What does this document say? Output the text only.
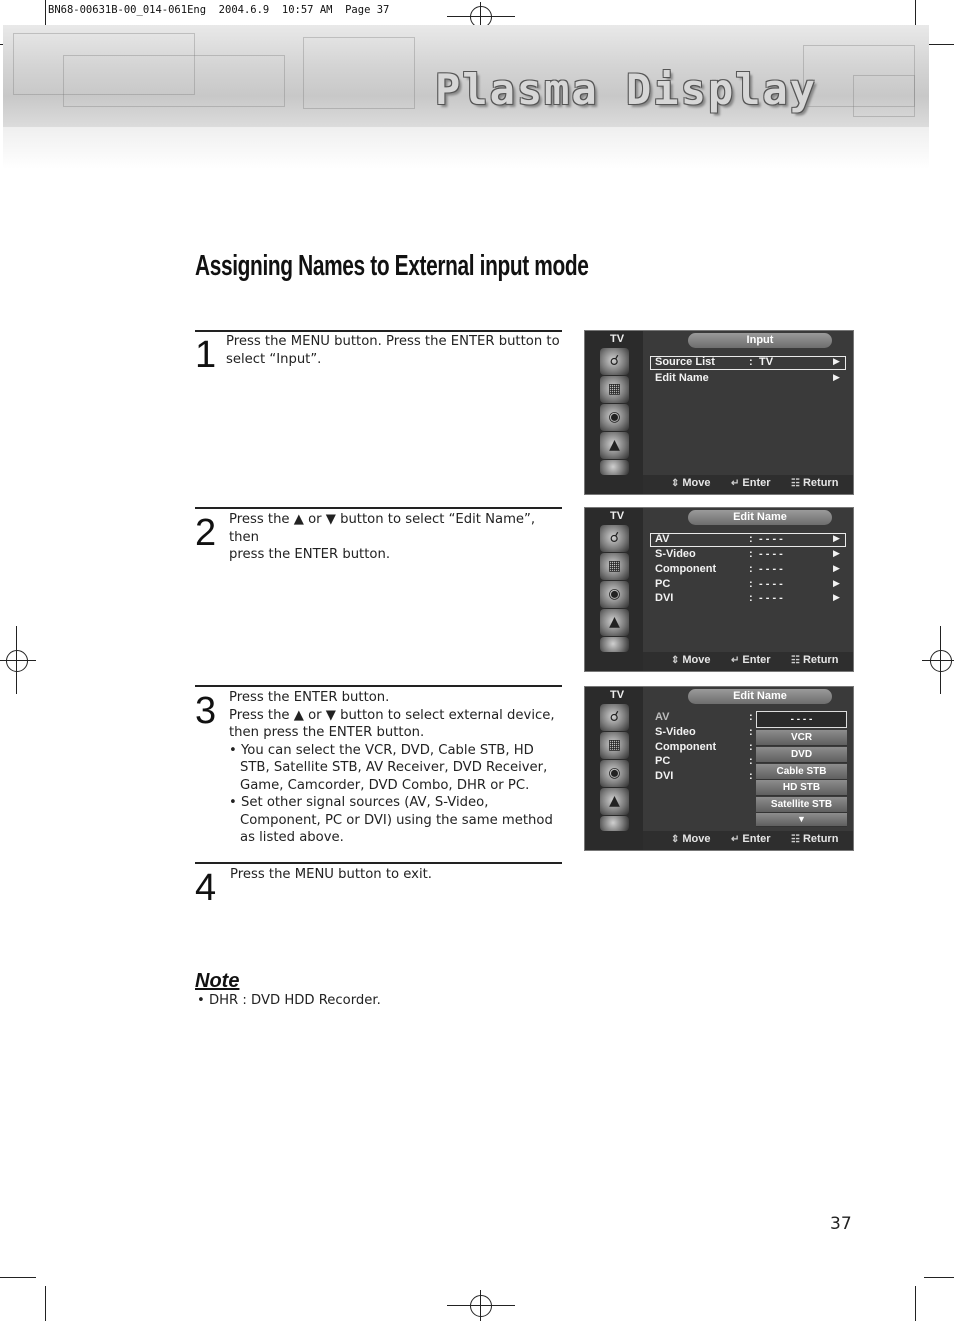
BN68-00631B-00_014-061Eng  2004.6.9  10:57 AM  Page 37
Plasma Display
Assigning Names to External input mode
1 Press the MENU button. Press the ENTER button to
select “Input”.
2 Press the ▲ or ▼ button to select “Edit Name”, then
press the ENTER button.
3 Press the ENTER button.
Press the ▲ or ▼ button to select external device,
then press the ENTER button.
• You can select the VCR, DVD, Cable STB, HD STB, Satellite STB, AV Receiver, DVD Receiver, Game, Camcorder, DVD Combo, DHR or PC.
• Set other signal sources (AV, S-Video, Component, PC or DVI) using the same method as listed above.
4 Press the MENU button to exit.
Note
• DHR : DVD HDD Recorder.
37
TV	Input
☌
▦
◉
▲
Source List	: TV	▶
Edit Name	▶
⇕ Move ↵ Enter ☷ Return
TV	Edit Name
☌
▦
◉
▲
AV	: - - - -	▶
S-Video	: - - - -	▶
Component	: - - - -	▶
PC	: - - - -	▶
DVI	: - - - -	▶
⇕ Move ↵ Enter ☷ Return
TV	Edit Name
☌
▦
◉
▲
AV	:
S-Video	:
Component	:
PC	:
DVI	:
- - - -
VCR
DVD
Cable STB
HD STB
Satellite STB
▼
⇕ Move ↵ Enter ☷ Return
